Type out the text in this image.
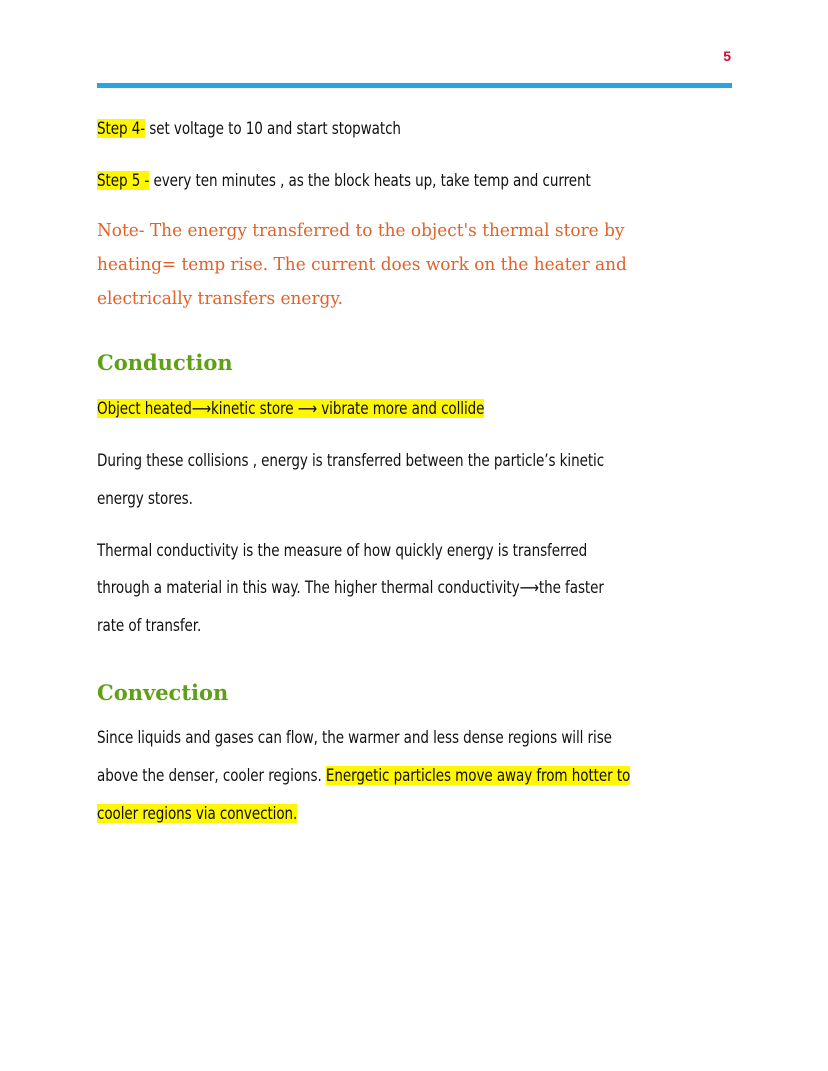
5
Step 4- set voltage to 10 and start stopwatch
Step 5 - every ten minutes , as the block heats up, take temp and current
Note- The energy transferred to the object's thermal store by
heating= temp rise. The current does work on the heater and
electrically transfers energy.
Conduction
Object heated⟶kinetic store ⟶ vibrate more and collide
During these collisions , energy is transferred between the particle’s kinetic
energy stores.
Thermal conductivity is the measure of how quickly energy is transferred
through a material in this way. The higher thermal conductivity⟶the faster
rate of transfer.
Convection
Since liquids and gases can flow, the warmer and less dense regions will rise
above the denser, cooler regions. Energetic particles move away from hotter to
cooler regions via convection.
